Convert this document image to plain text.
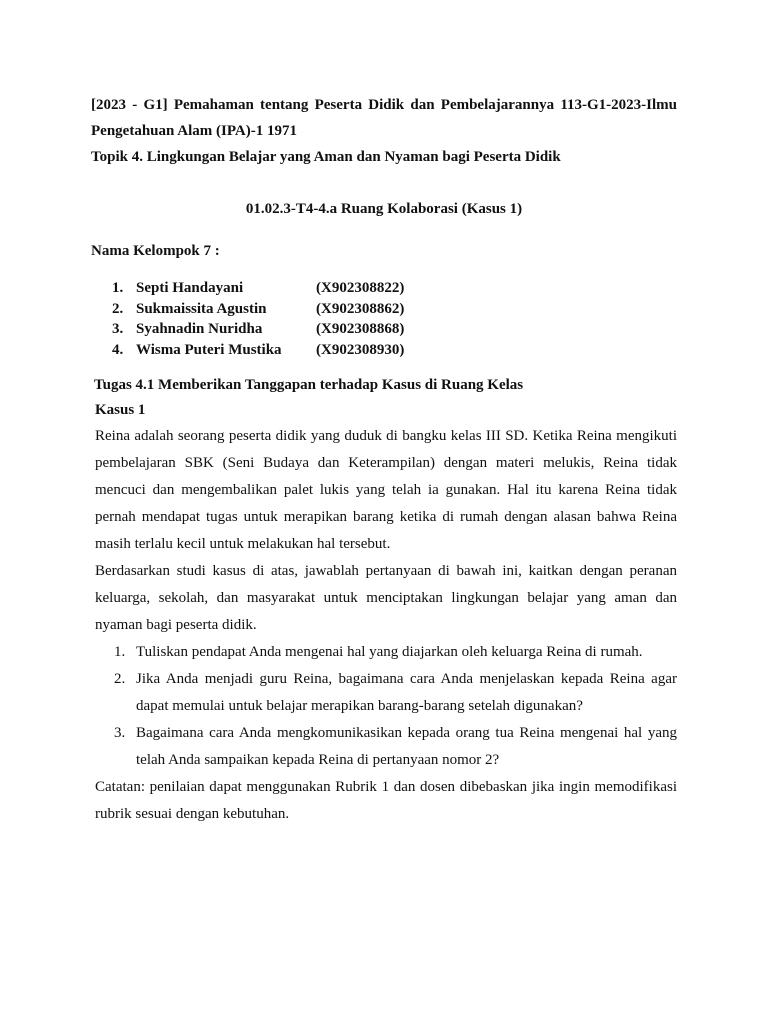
[2023 - G1] Pemahaman tentang Peserta Didik dan Pembelajarannya 113-G1-2023-Ilmu Pengetahuan Alam (IPA)-1 1971
Topik 4. Lingkungan Belajar yang Aman dan Nyaman bagi Peserta Didik
01.02.3-T4-4.a Ruang Kolaborasi (Kasus 1)
Nama Kelompok 7 :
1. Septi Handayani	(X902308822)
2. Sukmaissita Agustin	(X902308862)
3. Syahnadin Nuridha	(X902308868)
4. Wisma Puteri Mustika	(X902308930)
Tugas 4.1 Memberikan Tanggapan terhadap Kasus di Ruang Kelas
Kasus 1

Reina adalah seorang peserta didik yang duduk di bangku kelas III SD. Ketika Reina mengikuti pembelajaran SBK (Seni Budaya dan Keterampilan) dengan materi melukis, Reina tidak mencuci dan mengembalikan palet lukis yang telah ia gunakan. Hal itu karena Reina tidak pernah mendapat tugas untuk merapikan barang ketika di rumah dengan alasan bahwa Reina masih terlalu kecil untuk melakukan hal tersebut.

Berdasarkan studi kasus di atas, jawablah pertanyaan di bawah ini, kaitkan dengan peranan keluarga, sekolah, dan masyarakat untuk menciptakan lingkungan belajar yang aman dan nyaman bagi peserta didik.

1. Tuliskan pendapat Anda mengenai hal yang diajarkan oleh keluarga Reina di rumah.
2. Jika Anda menjadi guru Reina, bagaimana cara Anda menjelaskan kepada Reina agar dapat memulai untuk belajar merapikan barang-barang setelah digunakan?
3. Bagaimana cara Anda mengkomunikasikan kepada orang tua Reina mengenai hal yang telah Anda sampaikan kepada Reina di pertanyaan nomor 2?

Catatan: penilaian dapat menggunakan Rubrik 1 dan dosen dibebaskan jika ingin memodifikasi rubrik sesuai dengan kebutuhan.
